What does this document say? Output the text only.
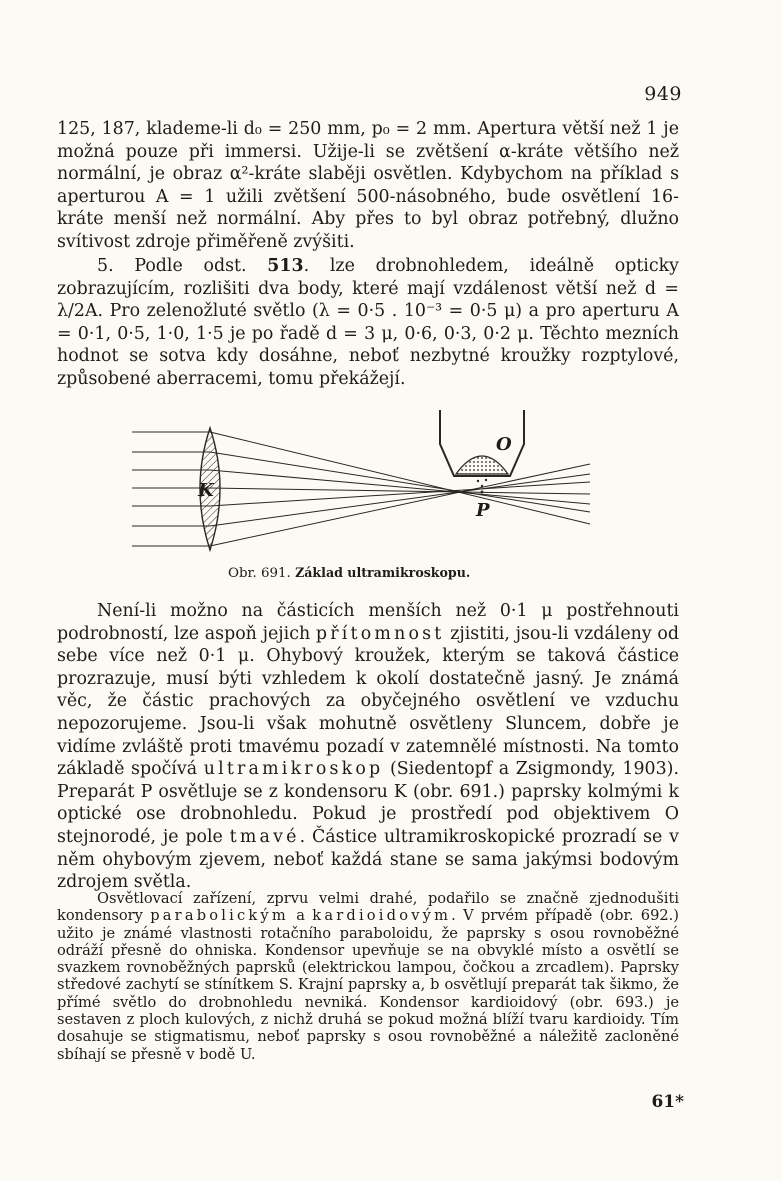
949

125, 187, klademe-li d₀ = 250 mm, p₀ = 2 mm. Apertura větší než 1 je možná pouze při immersi. Užije-li se zvětšení α-kráte většího než normální, je obraz α²-kráte slaběji osvětlen. Kdybychom na příklad s aperturou A = 1 užili zvětšení 500-násobného, bude osvětlení 16-kráte menší než normální. Aby přes to byl obraz potřebný, dlužno svítivost zdroje přiměřeně zvýšiti.

5. Podle odst. 513. lze drobnohledem, ideálně opticky zobrazujícím, rozlišiti dva body, které mají vzdálenost větší než d = λ/2A. Pro zelenožluté světlo (λ = 0·5 . 10⁻³ = 0·5 μ) a pro aperturu A = 0·1, 0·5, 1·0, 1·5 je po řadě d = 3 μ, 0·6, 0·3, 0·2 μ. Těchto mezních hodnot se sotva kdy dosáhne, neboť nezbytné kroužky rozptylové, způsobené aberracemi, tomu překážejí.

K
O
P
Obr. 691. Základ ultramikroskopu.

Není-li možno na částicích menších než 0·1 μ postřehnouti podrobností, lze aspoň jejich přítomnost zjistiti, jsou-li vzdáleny od sebe více než 0·1 μ. Ohybový kroužek, kterým se taková částice prozrazuje, musí býti vzhledem k okolí dostatečně jasný. Je známá věc, že částic prachových za obyčejného osvětlení ve vzduchu nepozorujeme. Jsou-li však mohutně osvětleny Sluncem, dobře je vidíme zvláště proti tmavému pozadí v zatemnělé místnosti. Na tomto základě spočívá ultramikroskop (Siedentopf a Zsigmondy, 1903). Preparát P osvětluje se z kondensoru K (obr. 691.) paprsky kolmými k optické ose drobnohledu. Pokud je prostředí pod objektivem O stejnorodé, je pole tmavé. Částice ultramikroskopické prozradí se v něm ohybovým zjevem, neboť každá stane se sama jakýmsi bodovým zdrojem světla.

Osvětlovací zařízení, zprvu velmi drahé, podařilo se značně zjednodušiti kondensory parabolickým a kardioidovým. V prvém případě (obr. 692.) užito je známé vlastnosti rotačního paraboloidu, že paprsky s osou rovnoběžné odráží přesně do ohniska. Kondensor upevňuje se na obvyklé místo a osvětlí se svazkem rovnoběžných paprsků (elektrickou lampou, čočkou a zrcadlem). Paprsky středové zachytí se stínítkem S. Krajní paprsky a, b osvětlují preparát tak šikmo, že přímé světlo do drobnohledu nevniká. Kondensor kardioidový (obr. 693.) je sestaven z ploch kulových, z nichž druhá se pokud možná blíží tvaru kardioidy. Tím dosahuje se stigmatismu, neboť paprsky s osou rovnoběžné a náležitě zacloněné sbíhají se přesně v bodě U.

61*
